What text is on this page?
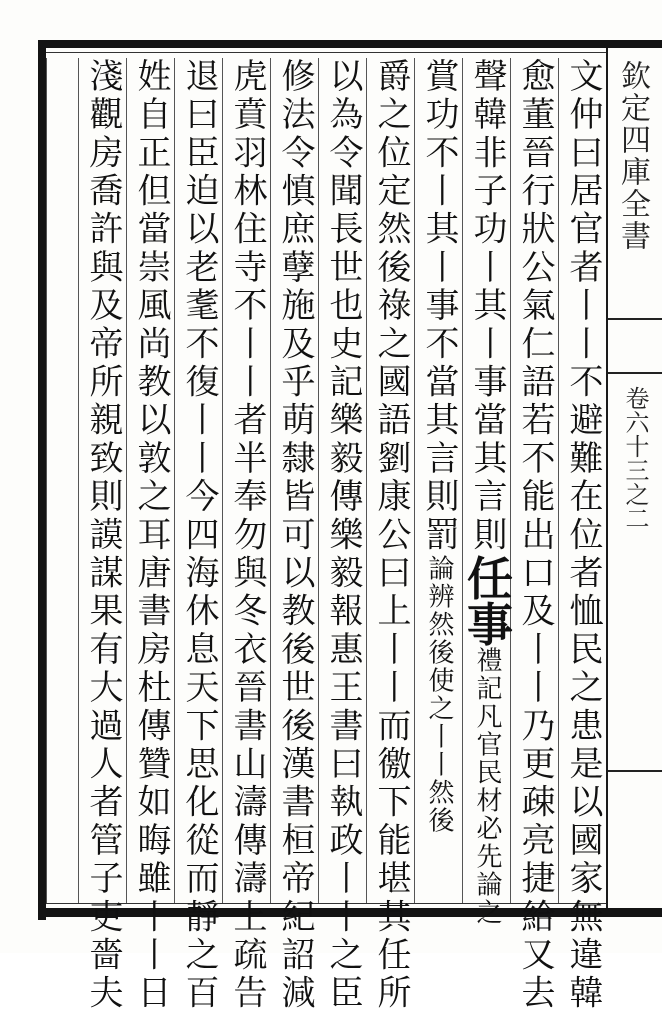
欽定四庫全書
卷六十三之二
文仲曰居官者丨丨不避難在位者恤民之患是以國家無違韓
愈董晉行狀公氣仁語若不能出口及丨丨乃更疎亮捷給又去
聲韓非子功丨其丨事當其言則任事禮記凡官民材必先論之
賞功不丨其丨事不當其言則罰論辨然後使之丨丨然後
爵之位定然後祿之國語劉康公曰上丨丨而徼下能堪其任所
以為令聞長世也史記樂毅傳樂毅報惠王書曰執政丨丨之臣
修法令慎庶孽施及乎萌隸皆可以教後世後漢書桓帝紀詔減
虎賁羽林住寺不丨丨者半奉勿與冬衣晉書山濤傳濤上疏告
退曰臣迫以老耄不復丨丨今四海休息天下思化從而靜之百
姓自正但當崇風尚教以敦之耳唐書房杜傳贊如晦雖丨丨日
淺觀房喬許與及帝所親致則謨謀果有大過人者管子吏嗇夫
